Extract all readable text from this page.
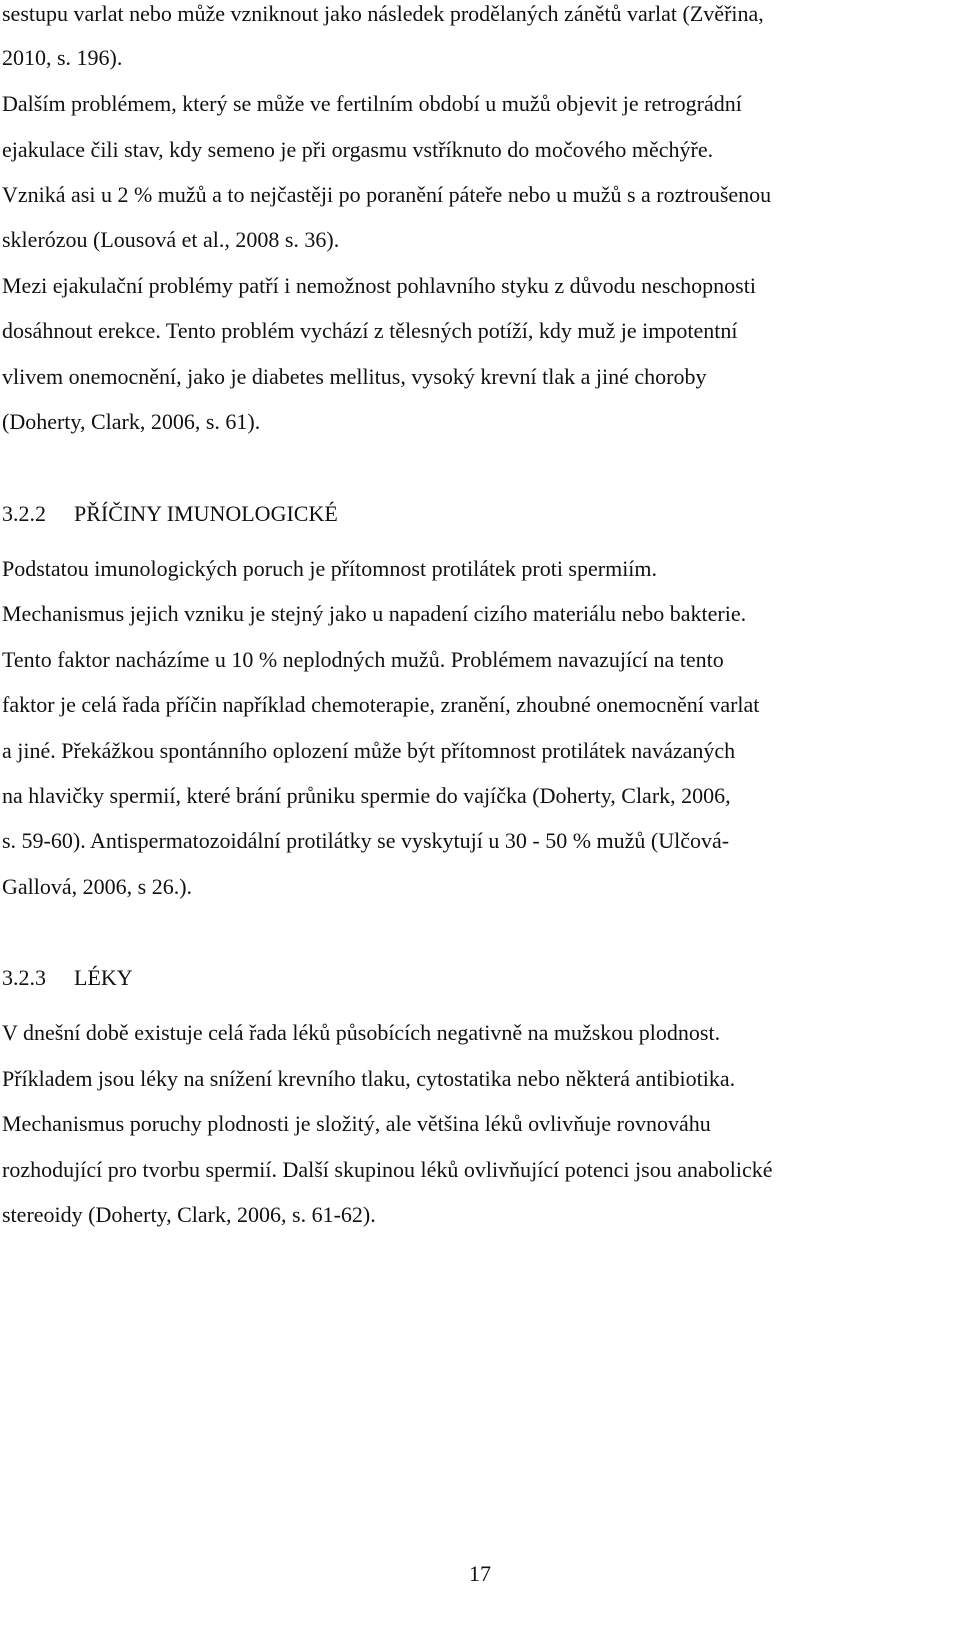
sestupu varlat nebo může vzniknout jako následek prodělaných zánětů varlat (Zvěřina,

2010, s. 196).

Dalším problémem, který se může ve fertilním období u mužů objevit je retrográdní

ejakulace čili stav, kdy semeno je při orgasmu vstříknuto do močového měchýře.

Vzniká asi u 2 % mužů a to nejčastěji po poranění páteře nebo u mužů s a roztroušenou

sklerózou (Lousová et al., 2008 s. 36).

Mezi ejakulační problémy patří i nemožnost pohlavního styku z důvodu neschopnosti

dosáhnout erekce. Tento problém vychází z tělesných potíží, kdy muž je impotentní

vlivem onemocnění, jako je diabetes mellitus, vysoký krevní tlak a jiné choroby

(Doherty, Clark, 2006, s. 61).

3.2.2 PŘÍČINY IMUNOLOGICKÉ

Podstatou imunologických poruch je přítomnost protilátek proti spermiím.

Mechanismus jejich vzniku je stejný jako u napadení cizího materiálu nebo bakterie.

Tento faktor nacházíme u 10 % neplodných mužů. Problémem navazující na tento

faktor je celá řada příčin například chemoterapie, zranění, zhoubné onemocnění varlat

a jiné. Překážkou spontánního oplození může být přítomnost protilátek navázaných

na hlavičky spermií, které brání průniku spermie do vajíčka (Doherty, Clark, 2006,

s. 59-60). Antispermatozoidální protilátky se vyskytují u 30 - 50 % mužů (Ulčová-

Gallová, 2006, s 26.).

3.2.3 LÉKY

V dnešní době existuje celá řada léků působících negativně na mužskou plodnost.

Příkladem jsou léky na snížení krevního tlaku, cytostatika nebo některá antibiotika.

Mechanismus poruchy plodnosti je složitý, ale většina léků ovlivňuje rovnováhu

rozhodující pro tvorbu spermií. Další skupinou léků ovlivňující potenci jsou anabolické

stereoidy (Doherty, Clark, 2006, s. 61-62).

17
